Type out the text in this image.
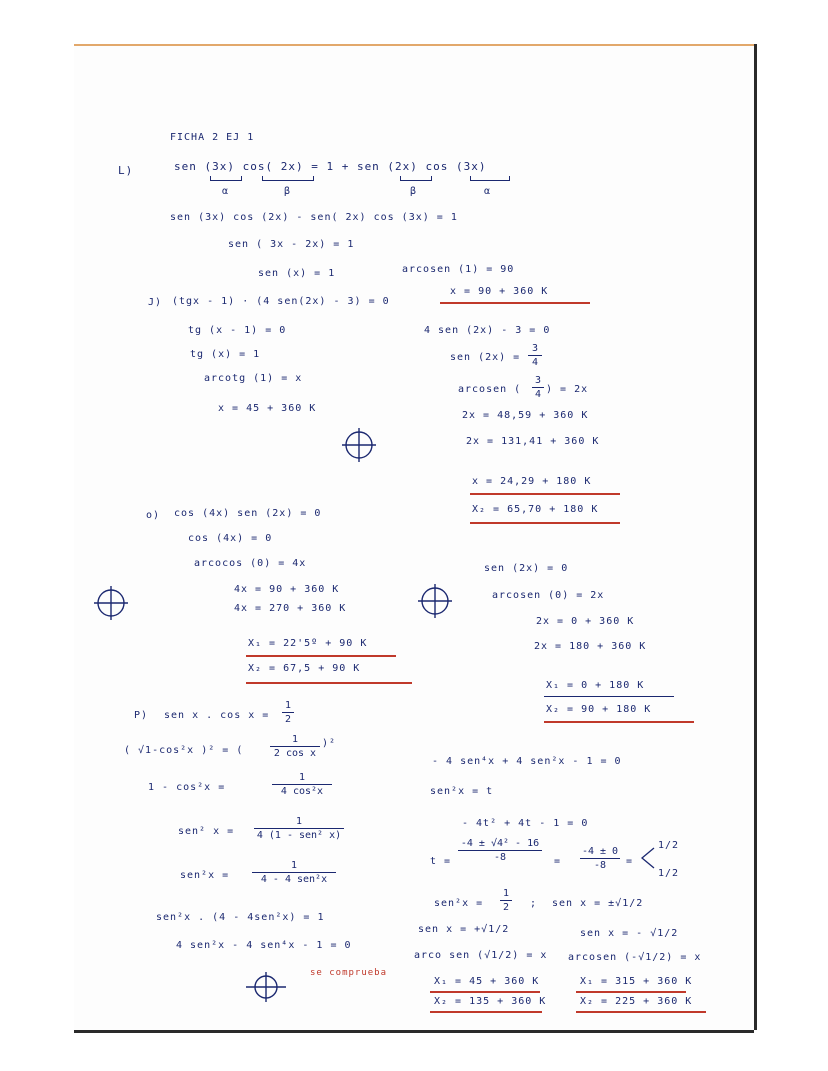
FICHA 2 EJ 1
L)	sen (3x) cos( 2x) = 1 + sen (2x) cos (3x)
α	β	β	α
sen (3x) cos (2x) - sen( 2x) cos (3x) = 1
sen ( 3x - 2x) = 1
sen (x) = 1	arcosen (1) = 90
x = 90 + 360 K
J) (tgx - 1) · (4 sen(2x) - 3) = 0
tg (x - 1) = 0
tg (x) = 1
arcotg (1) = x
x = 45 + 360 K
4 sen (2x) - 3 = 0
sen (2x) =
3
4
arcosen (
3
4 ) = 2x
2x = 48,59 + 360 K
2x = 131,41 + 360 K
x = 24,29 + 180 K
X₂ = 65,70 + 180 K
o) cos (4x) sen (2x) = 0
cos (4x) = 0
arcocos (0) = 4x
4x = 90 + 360 K
4x = 270 + 360 K
X₁ = 22'5º + 90 K
X₂ = 67,5 + 90 K
sen (2x) = 0
arcosen (0) = 2x
2x = 0 + 360 K
2x = 180 + 360 K
X₁ = 0 + 180 K
X₂ = 90 + 180 K
P) sen x . cos x =
1
2
( √1-cos²x )² = (
1
2 cos x
)²
1 - cos²x =
1
4 cos²x
sen² x =
1
4 (1 - sen² x)
sen²x =
1
4 - 4 sen²x
sen²x . (4 - 4sen²x) = 1
4 sen²x - 4 sen⁴x - 1 = 0
se comprueba
- 4 sen⁴x + 4 sen²x - 1 = 0
sen²x = t
- 4t² + 4t - 1 = 0
t =
-4 ± √4² - 16
-8	=
-4 ± 0
-8	=
1/2
1/2
sen²x =
1
2 ; sen x = ±√1/2
sen x = +√1/2
arco sen (√1/2) = x
X₁ = 45 + 360 K
X₂ = 135 + 360 K
sen x = - √1/2
arcosen (-√1/2) = x
X₁ = 315 + 360 K
X₂ = 225 + 360 K
